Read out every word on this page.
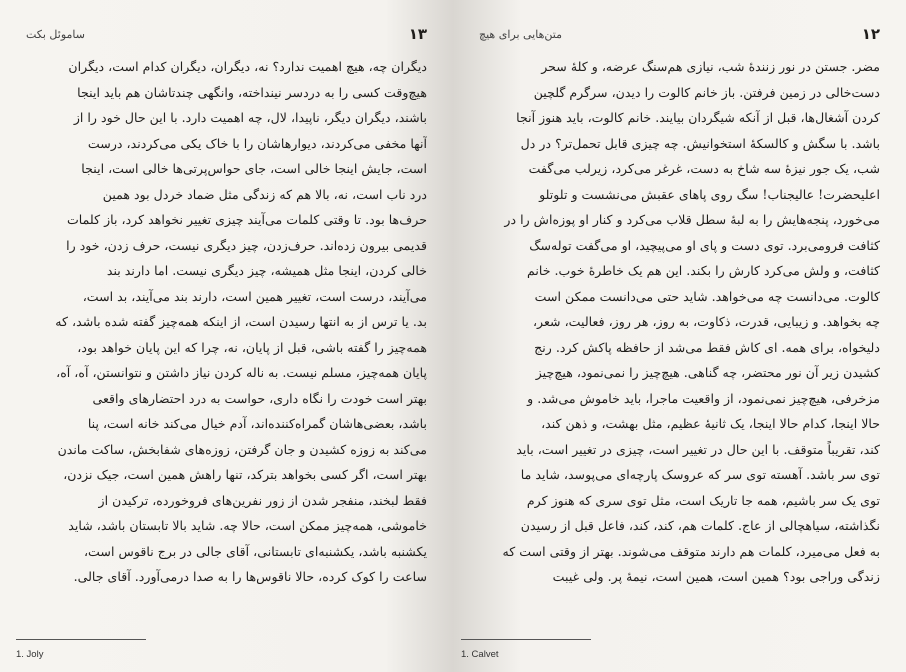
۱۳
سامو‌ئل بکت
دیگران چه، هیچ اهمیت ندارد؟ نه، دیگران، دیگران کدام است، دیگران
هیچ‌وقت کسی را به دردسر نینداخته، وانگهی چندتاشان هم باید اینجا
باشند، دیگران دیگر، ناپیدا، لال، چه اهمیت دارد. با این حال خود را از
آنها مخفی می‌کردند، دیوارهاشان را با خاک یکی می‌کردند، درست
است، جایش اینجا خالی است، جای حواس‌پرتی‌ها خالی است، اینجا
درد ناب است، نه، بالا هم که زندگی مثل ضماد خردل بود همین
حرف‌ها بود. تا وقتی کلمات می‌آیند چیزی تغییر نخواهد کرد، باز کلمات
قدیمی بیرون زده‌اند. حرف‌زدن، چیز دیگری نیست، حرف زدن، خود را
خالی کردن، اینجا مثل همیشه، چیز دیگری نیست. اما دارند بند
می‌آیند، درست است، تغییر همین است، دارند بند می‌آیند، بد است،
بد. یا ترس از به انتها رسیدن است، از اینکه همه‌چیز گفته شده باشد، که
همه‌چیز را گفته باشی، قبل از پایان، نه، چرا که این پایان خواهد بود،
پایان همه‌چیز، مسلم نیست. به ناله کردن نیاز داشتن و نتوانستن، آه، آه،
بهتر است خودت را نگاه داری، حواست به درد احتضارهای واقعی
باشد، بعضی‌هاشان گمراه‌کننده‌اند، آدم خیال می‌کند خانه است، پنا
می‌کند به زوزه کشیدن و جان گرفتن، زوزه‌های شفابخش، ساکت ماندن
بهتر است، اگر کسی بخواهد بترکد، تنها راهش همین است، جیک نزدن،
فقط لبخند، منفجر شدن از زور نفرین‌های فروخورده، ترکیدن از
خاموشی، همه‌چیز ممکن است، حالا چه. شاید بالا تابستان باشد، شاید
یکشنبه باشد، یکشنبه‌ای تابستانی، آقای جالی در برج ناقوس است،
ساعت را کوک کرده، حالا ناقوس‌ها را به صدا درمی‌آورد. آقای جالی.
1. Joly
۱۲
متن‌هایی برای هیچ
مضر. جستن در نور زنندهٔ شب، نیازی هم‌سنگ عرضه، و کلهٔ سحر
دست‌خالی در زمین فرفتن. باز خانم کالوت را دیدن، سرگرم گلچین
کردن آشغال‌ها، قبل از آنکه شیگردان بیایند. خانم کالوت، باید هنوز آنجا
باشد. با سگش و کالسکهٔ استخوانیش. چه چیزی قابل تحمل‌تر؟ در دل
شب، یک جور نیزهٔ سه شاخ به دست، غرغر می‌کرد، زیرلب می‌گفت
اعلیحضرت! عالیجناب! سگ روی پاهای عقبش می‌نشست و تلوتلو
می‌خورد، پنجه‌هایش را به لبهٔ سطل قلاب می‌کرد و کنار او پوزه‌اش را در
کثافت فرومی‌برد. توی دست و پای او می‌پیچید، او می‌گفت توله‌سگ
کثافت، و ولش می‌کرد کارش را بکند. این هم یک خاطرهٔ خوب. خانم
کالوت. می‌دانست چه می‌خواهد. شاید حتی می‌دانست ممکن است
چه بخواهد. و زیبایی، قدرت، ذکاوت، به روز، هر روز، فعالیت، شعر،
دلیخواه، برای همه. ای کاش فقط می‌شد از حافظه پاکش کرد. رنج
کشیدن زیر آن نور محتضر، چه گناهی. هیچ‌چیز را نمی‌نمود، هیچ‌چیز
مزخرفی، هیچ‌چیز نمی‌نمود، از واقعیت ماجرا، باید خاموش می‌شد. و
حالا اینجا، کدام حالا اینجا، یک ثانیهٔ عظیم، مثل بهشت، و ذهن کند،
کند، تقریباً متوقف. با این حال در تغییر است، چیزی در تغییر است، باید
توی سر باشد. آهسته توی سر که عروسک پارچه‌ای می‌پوسد، شاید ما
توی یک سر باشیم، همه جا تاریک است، مثل توی سری که هنوز کرم
نگذاشته، سیاهچالی از عاج. کلمات هم، کند، کند، فاعل قبل از رسیدن
به فعل می‌میرد، کلمات هم دارند متوقف می‌شوند. بهتر از وقتی است که
زندگی وراجی بود؟ همین است، همین است، نیمهٔ پر. ولی غیبت
1. Calvet
